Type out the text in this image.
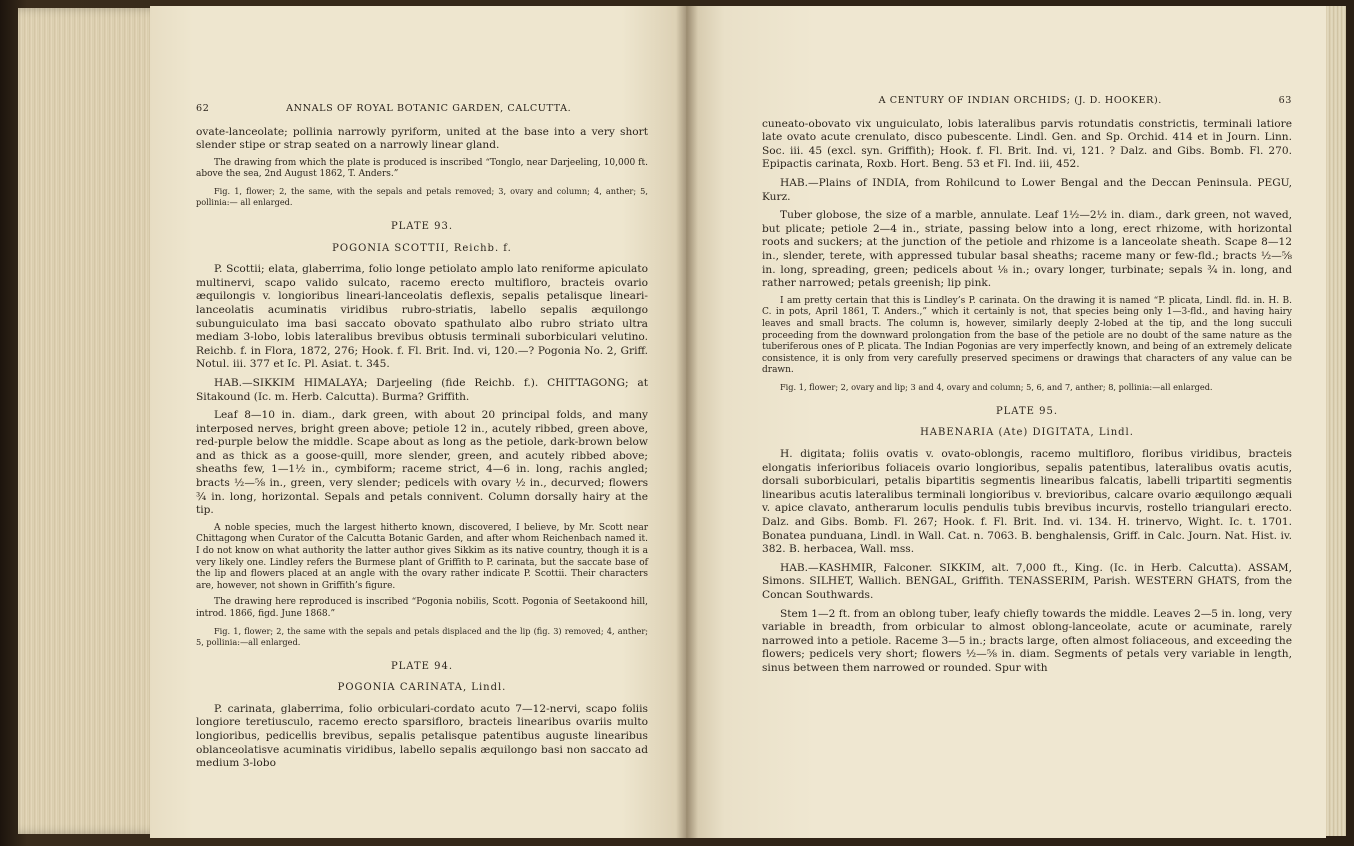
62	ANNALS OF ROYAL BOTANIC GARDEN, CALCUTTA.

ovate-lanceolate; pollinia narrowly pyriform, united at the base into a very short slender stipe or strap seated on a narrowly linear gland.

The drawing from which the plate is produced is inscribed “Tonglo, near Darjeeling, 10,000 ft. above the sea, 2nd August 1862, T. Anders.”

Fig. 1, flower; 2, the same, with the sepals and petals removed; 3, ovary and column; 4, anther; 5, pollinia:— all enlarged.

PLATE 93.
POGONIA SCOTTII, Reichb. f.

P. Scottii; elata, glaberrima, folio longe petiolato amplo lato reniforme apiculato multinervi, scapo valido sulcato, racemo erecto multifloro, bracteis ovario æquilongis v. longioribus lineari-lanceolatis deflexis, sepalis petalisque lineari-lanceolatis acuminatis viridibus rubro-striatis, labello sepalis æquilongo subunguiculato ima basi saccato obovato spathulato albo rubro striato ultra mediam 3-lobo, lobis lateralibus brevibus obtusis terminali suborbiculari velutino. Reichb. f. in Flora, 1872, 276; Hook. f. Fl. Brit. Ind. vi, 120.—? Pogonia No. 2, Griff. Notul. iii. 377 et Ic. Pl. Asiat. t. 345.

HAB.—SIKKIM HIMALAYA; Darjeeling (fide Reichb. f.). CHITTAGONG; at Sitakound (Ic. m. Herb. Calcutta). Burma? Griffith.

Leaf 8—10 in. diam., dark green, with about 20 principal folds, and many interposed nerves, bright green above; petiole 12 in., acutely ribbed, green above, red-purple below the middle. Scape about as long as the petiole, dark-brown below and as thick as a goose-quill, more slender, green, and acutely ribbed above; sheaths few, 1—1½ in., cymbiform; raceme strict, 4—6 in. long, rachis angled; bracts ½—⅝ in., green, very slender; pedicels with ovary ½ in., decurved; flowers ¾ in. long, horizontal. Sepals and petals connivent. Column dorsally hairy at the tip.

A noble species, much the largest hitherto known, discovered, I believe, by Mr. Scott near Chittagong when Curator of the Calcutta Botanic Garden, and after whom Reichenbach named it. I do not know on what authority the latter author gives Sikkim as its native country, though it is a very likely one. Lindley refers the Burmese plant of Griffith to P. carinata, but the saccate base of the lip and flowers placed at an angle with the ovary rather indicate P. Scottii. Their characters are, however, not shown in Griffith’s figure.

The drawing here reproduced is inscribed “Pogonia nobilis, Scott. Pogonia of Seetakoond hill, introd. 1866, figd. June 1868.”

Fig. 1, flower; 2, the same with the sepals and petals displaced and the lip (fig. 3) removed; 4, anther; 5, pollinia:—all enlarged.

PLATE 94.
POGONIA CARINATA, Lindl.

P. carinata, glaberrima, folio orbiculari-cordato acuto 7—12-nervi, scapo foliis longiore teretiusculo, racemo erecto sparsifloro, bracteis linearibus ovariis multo longioribus, pedicellis brevibus, sepalis petalisque patentibus auguste linearibus oblanceolatisve acuminatis viridibus, labello sepalis æquilongo basi non saccato ad medium 3-lobo

A CENTURY OF INDIAN ORCHIDS; (J. D. HOOKER).	63

cuneato-obovato vix unguiculato, lobis lateralibus parvis rotundatis constrictis, terminali latiore late ovato acute crenulato, disco pubescente. Lindl. Gen. and Sp. Orchid. 414 et in Journ. Linn. Soc. iii. 45 (excl. syn. Griffith); Hook. f. Fl. Brit. Ind. vi, 121. ? Dalz. and Gibs. Bomb. Fl. 270. Epipactis carinata, Roxb. Hort. Beng. 53 et Fl. Ind. iii, 452.

HAB.—Plains of INDIA, from Rohilcund to Lower Bengal and the Deccan Peninsula. PEGU, Kurz.

Tuber globose, the size of a marble, annulate. Leaf 1½—2½ in. diam., dark green, not waved, but plicate; petiole 2—4 in., striate, passing below into a long, erect rhizome, with horizontal roots and suckers; at the junction of the petiole and rhizome is a lanceolate sheath. Scape 8—12 in., slender, terete, with appressed tubular basal sheaths; raceme many or few-fld.; bracts ½—⅝ in. long, spreading, green; pedicels about ⅛ in.; ovary longer, turbinate; sepals ¾ in. long, and rather narrowed; petals greenish; lip pink.

I am pretty certain that this is Lindley’s P. carinata. On the drawing it is named “P. plicata, Lindl. fld. in. H. B. C. in pots, April 1861, T. Anders.,” which it certainly is not, that species being only 1—3-fld., and having hairy leaves and small bracts. The column is, however, similarly deeply 2-lobed at the tip, and the long succuli proceeding from the downward prolongation from the base of the petiole are no doubt of the same nature as the tuberiferous ones of P. plicata. The Indian Pogonias are very imperfectly known, and being of an extremely delicate consistence, it is only from very carefully preserved specimens or drawings that characters of any value can be drawn.

Fig. 1, flower; 2, ovary and lip; 3 and 4, ovary and column; 5, 6, and 7, anther; 8, pollinia:—all enlarged.

PLATE 95.
HABENARIA (Ate) DIGITATA, Lindl.

H. digitata; foliis ovatis v. ovato-oblongis, racemo multifloro, floribus viridibus, bracteis elongatis inferioribus foliaceis ovario longioribus, sepalis patentibus, lateralibus ovatis acutis, dorsali suborbiculari, petalis bipartitis segmentis linearibus falcatis, labelli tripartiti segmentis linearibus acutis lateralibus terminali longioribus v. brevioribus, calcare ovario æquilongo æquali v. apice clavato, antherarum loculis pendulis tubis brevibus incurvis, rostello triangulari erecto. Dalz. and Gibs. Bomb. Fl. 267; Hook. f. Fl. Brit. Ind. vi. 134. H. trinervo, Wight. Ic. t. 1701. Bonatea punduana, Lindl. in Wall. Cat. n. 7063. B. benghalensis, Griff. in Calc. Journ. Nat. Hist. iv. 382. B. herbacea, Wall. mss.

HAB.—KASHMIR, Falconer. SIKKIM, alt. 7,000 ft., King. (Ic. in Herb. Calcutta). ASSAM, Simons. SILHET, Wallich. BENGAL, Griffith. TENASSERIM, Parish. WESTERN GHATS, from the Concan Southwards.

Stem 1—2 ft. from an oblong tuber, leafy chiefly towards the middle. Leaves 2—5 in. long, very variable in breadth, from orbicular to almost oblong-lanceolate, acute or acuminate, rarely narrowed into a petiole. Raceme 3—5 in.; bracts large, often almost foliaceous, and exceeding the flowers; pedicels very short; flowers ½—⅝ in. diam. Segments of petals very variable in length, sinus between them narrowed or rounded. Spur with
